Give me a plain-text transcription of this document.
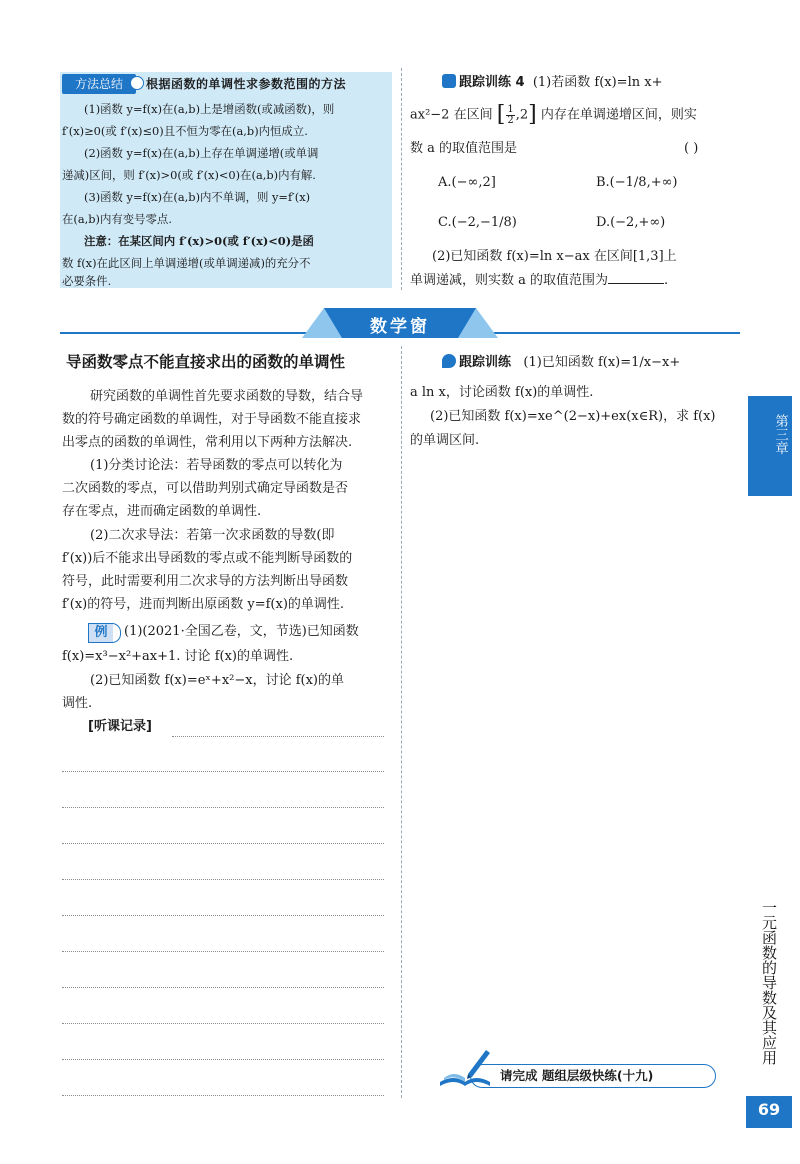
方法总结	根据函数的单调性求参数范围的方法
(1)函数 y=f(x)在(a,b)上是增函数(或减函数)，则
f′(x)≥0(或 f′(x)≤0)且不恒为零在(a,b)内恒成立.
(2)函数 y=f(x)在(a,b)上存在单调递增(或单调
递减)区间，则 f′(x)>0(或 f′(x)<0)在(a,b)内有解.
(3)函数 y=f(x)在(a,b)内不单调，则 y=f′(x)
在(a,b)内有变号零点.
注意：在某区间内 f′(x)>0(或 f′(x)<0)是函
数 f(x)在此区间上单调递增(或单调递减)的充分不
必要条件.
跟踪训练 4 (1)若函数 f(x)=ln x+
ax²−2 在区间 [ $\frac{1}{2} ,2$] 内存在单调递增区间，则实
数 a 的取值范围是	( )
A.(−∞,2]	B.(−1/8,+∞)
C.(−2,−1/8)	D.(−2,+∞)
(2)已知函数 f(x)=ln x−ax 在区间[1,3]上
单调递减，则实数 a 的取值范围为	.
数学窗
导函数零点不能直接求出的函数的单调性
研究函数的单调性首先要求函数的导数，结合导
数的符号确定函数的单调性，对于导函数不能直接求
出零点的函数的单调性，常利用以下两种方法解决.
(1)分类讨论法：若导函数的零点可以转化为
二次函数的零点，可以借助判别式确定导函数是否
存在零点，进而确定函数的单调性.
(2)二次求导法：若第一次求函数的导数(即
f′(x))后不能求出导函数的零点或不能判断导函数的
符号，此时需要利用二次求导的方法判断出导函数
f′(x)的符号，进而判断出原函数 y=f(x)的单调性.
例	(1)(2021·全国乙卷，文，节选)已知函数
f(x)=x³−x²+ax+1. 讨论 f(x)的单调性.
(2)已知函数 f(x)=eˣ+x²−x，讨论 f(x)的单
调性.
[听课记录]
跟踪训练 (1)已知函数 f(x)=1/x−x+
a ln x，讨论函数 f(x)的单调性.
(2)已知函数 f(x)=xe^(2−x)+ex(x∈R)，求 f(x)
的单调区间.	第三章
一元函数的导数及其应用
请完成 题组层级快练(十九)
69
